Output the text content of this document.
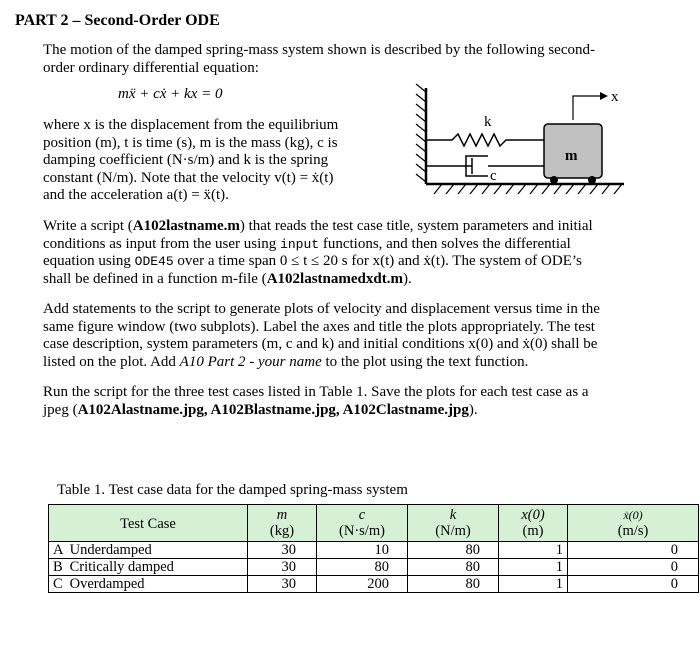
PART 2 – Second-Order ODE
The motion of the damped spring-mass system shown is described by the following second-
order ordinary differential equation:
mẍ + cẋ + kx = 0
where x is the displacement from the equilibrium
position (m), t is time (s), m is the mass (kg), c is
damping coefficient (N·s/m) and k is the spring
constant (N/m). Note that the velocity v(t) = ẋ(t)
and the acceleration a(t) = ẍ(t).
k
c
m
x
Write a script (A102lastname.m) that reads the test case title, system parameters and initial
conditions as input from the user using input functions, and then solves the differential
equation using ODE45 over a time span 0 ≤ t ≤ 20 s for x(t) and ẋ(t). The system of ODE’s
shall be defined in a function m-file (A102lastnamedxdt.m).
Add statements to the script to generate plots of velocity and displacement versus time in the
same figure window (two subplots). Label the axes and title the plots appropriately. The test
case description, system parameters (m, c and k) and initial conditions x(0) and ẋ(0) shall be
listed on the plot. Add A10 Part 2 - your name to the plot using the text function.
Run the script for the three test cases listed in Table 1. Save the plots for each test case as a
jpeg (A102Alastname.jpg, A102Blastname.jpg, A102Clastname.jpg).
Table 1. Test case data for the damped spring-mass system
Test Case	m	c	k	x(0)	ẋ(0)
	(kg)	(N·s/m)	(N/m)	(m)	(m/s)
A Underdamped	30	10	80	1	0
B Critically damped	30	80	80	1	0
C Overdamped	30	200	80	1	0
